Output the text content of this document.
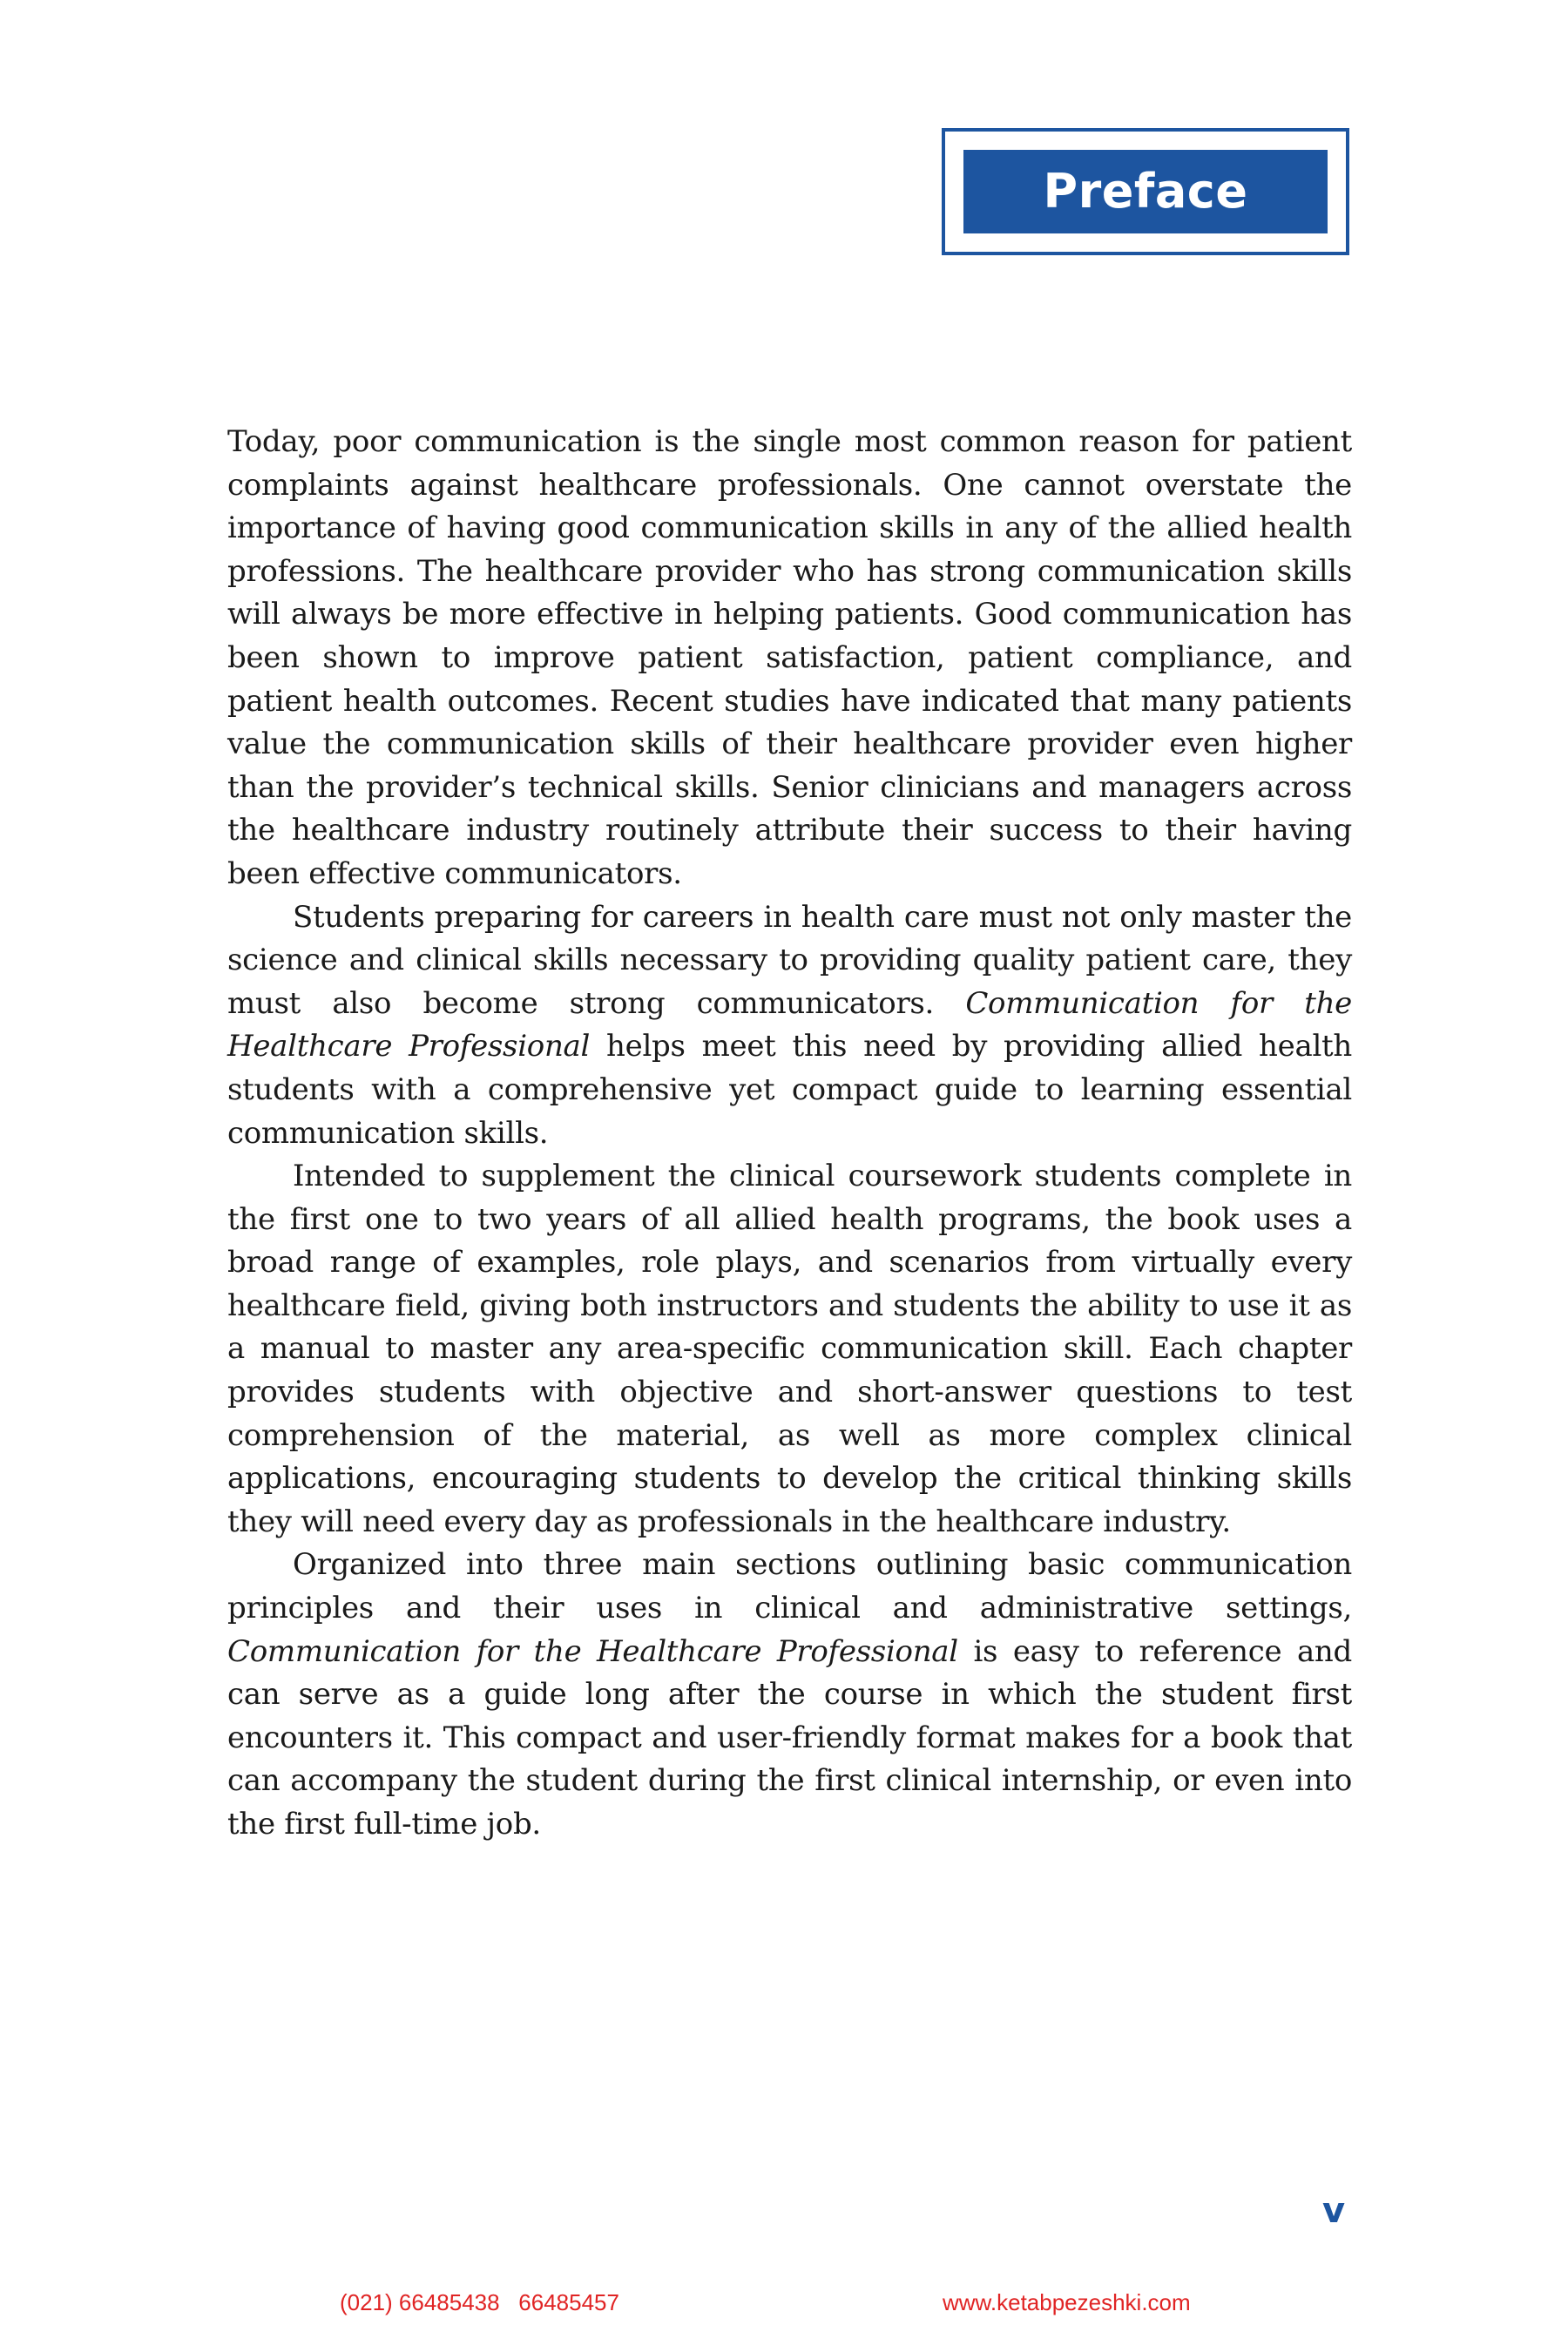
Preface

Today, poor communication is the single most common reason for patient complaints against healthcare professionals. One cannot overstate the importance of having good communication skills in any of the allied health professions. The healthcare provider who has strong communication skills will always be more effective in helping patients. Good communication has been shown to improve patient satisfaction, patient compliance, and patient health outcomes. Recent studies have indicated that many patients value the communication skills of their healthcare provider even higher than the provider’s technical skills. Senior clinicians and managers across the healthcare industry routinely attribute their success to their having been effective communicators.

Students preparing for careers in health care must not only master the science and clinical skills necessary to providing quality patient care, they must also become strong communicators. Communication for the Healthcare Professional helps meet this need by providing allied health students with a comprehensive yet compact guide to learning essential communication skills.

Intended to supplement the clinical coursework students complete in the first one to two years of all allied health programs, the book uses a broad range of examples, role plays, and scenarios from virtually every healthcare field, giving both instructors and students the ability to use it as a manual to master any area-specific communication skill. Each chapter provides students with objective and short-answer questions to test comprehension of the material, as well as more complex clinical applications, encouraging students to develop the critical thinking skills they will need every day as professionals in the healthcare industry.

Organized into three main sections outlining basic communication principles and their uses in clinical and administrative settings, Communication for the Healthcare Professional is easy to reference and can serve as a guide long after the course in which the student first encounters it. This compact and user-friendly format makes for a book that can accompany the student during the first clinical internship, or even into the first full-time job.

v
(021) 66485438   66485457	www.ketabpezeshki.com
